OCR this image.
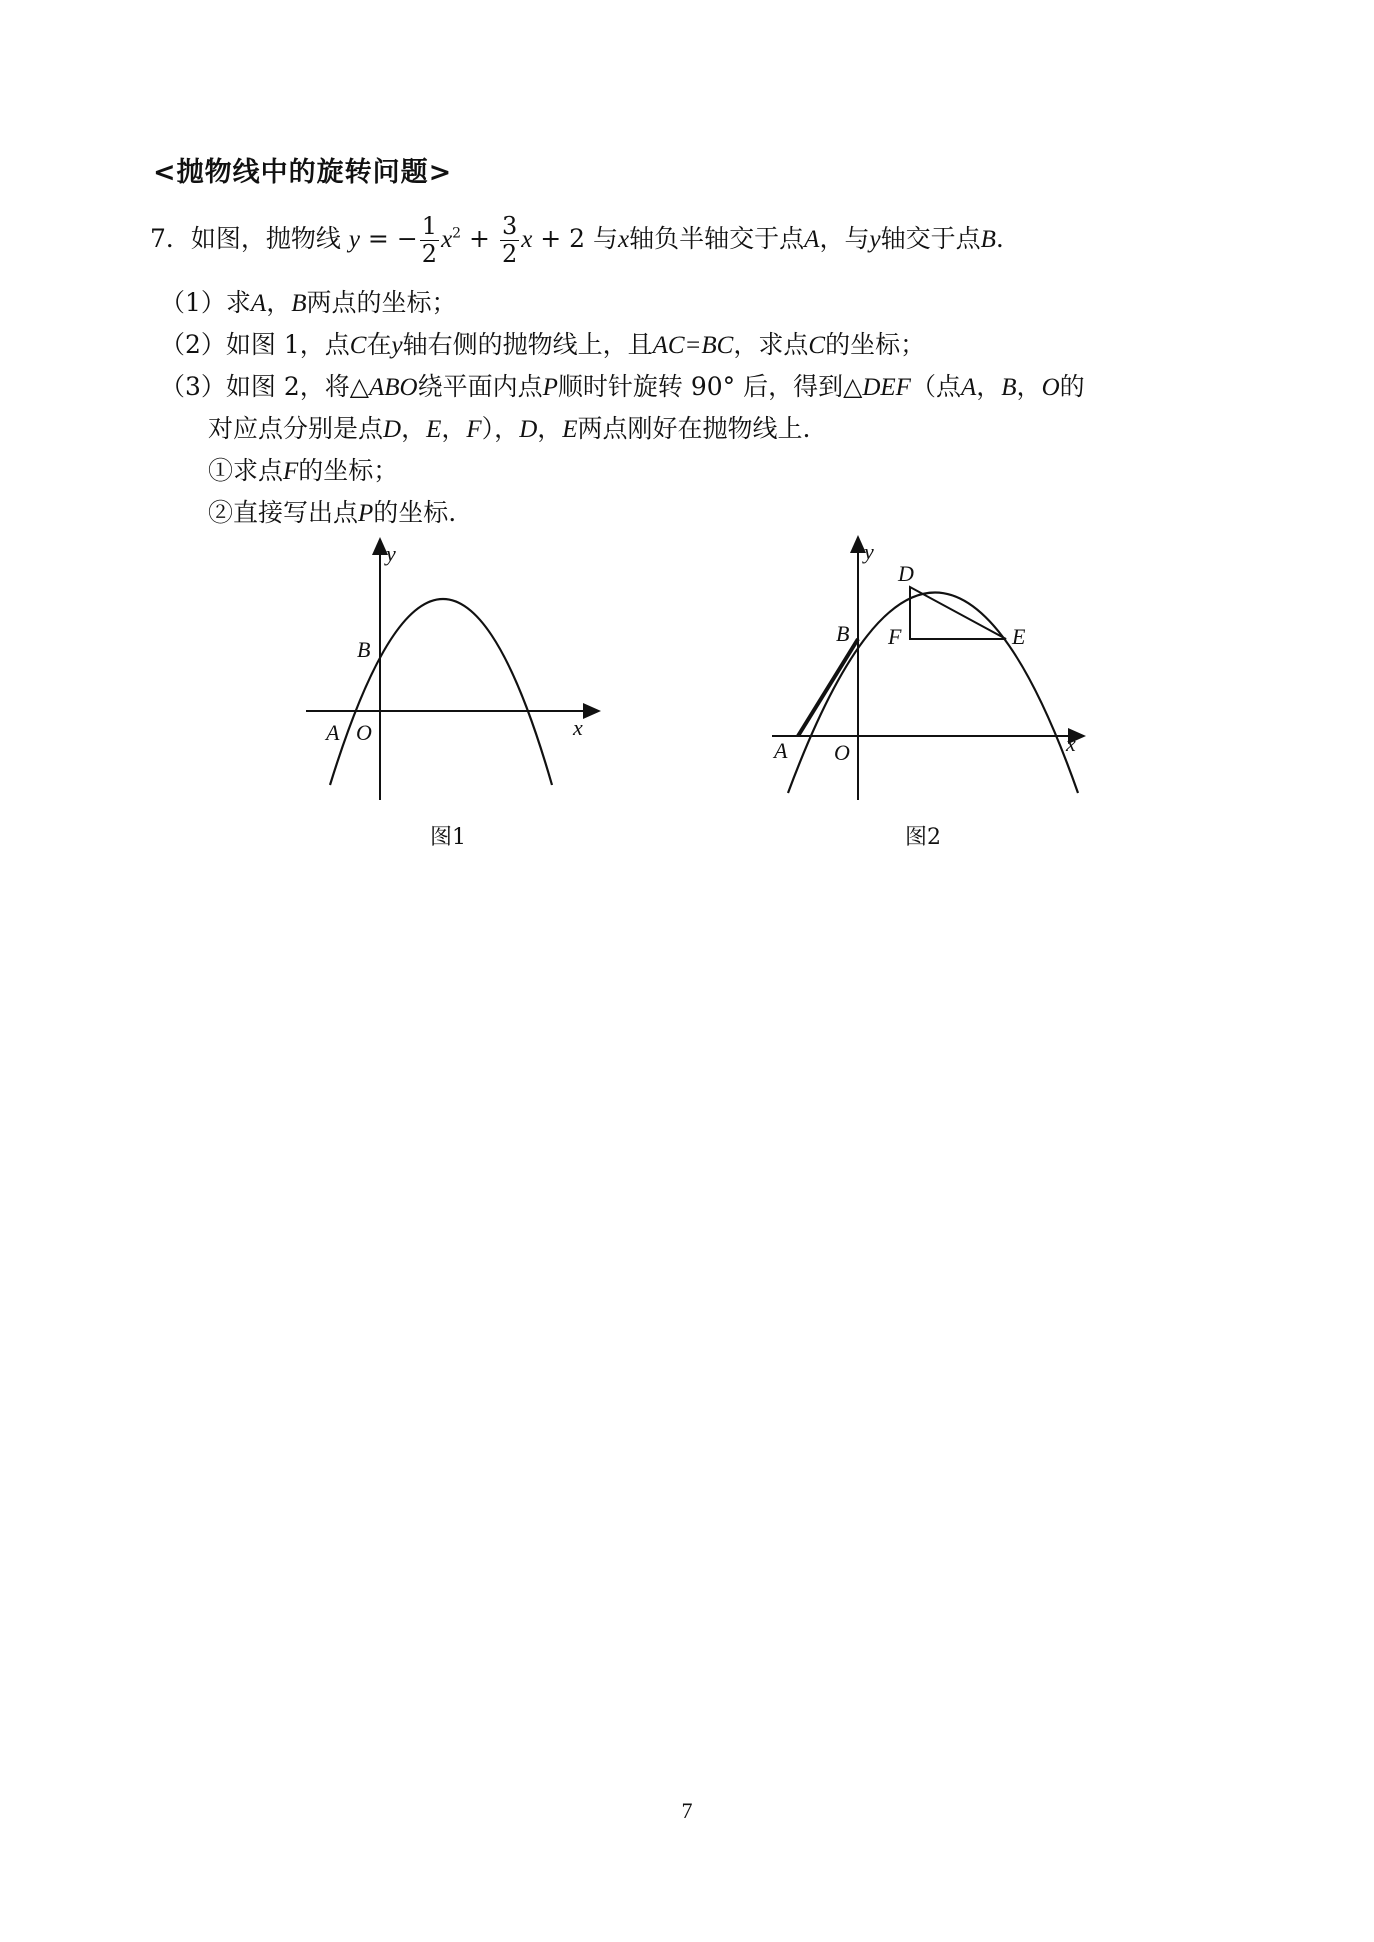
<抛物线中的旋转问题>
7．如图，抛物线 y = − $\frac{1}{2} x^2 + \frac{3}{2}$ x + 2 与x轴负半轴交于点A，与y轴交于点B.
（1）求A，B两点的坐标；
（2）如图 1，点C在y轴右侧的抛物线上，且AC=BC，求点C的坐标；
（3）如图 2，将△ABO绕平面内点P顺时针旋转 90° 后，得到△DEF（点A，B，O的
对应点分别是点D，E，F），D，E两点刚好在抛物线上.
①求点F的坐标；
②直接写出点P的坐标.
y
x
B
A O
图1
y
x
B
A O
D
F	E
图2
7
